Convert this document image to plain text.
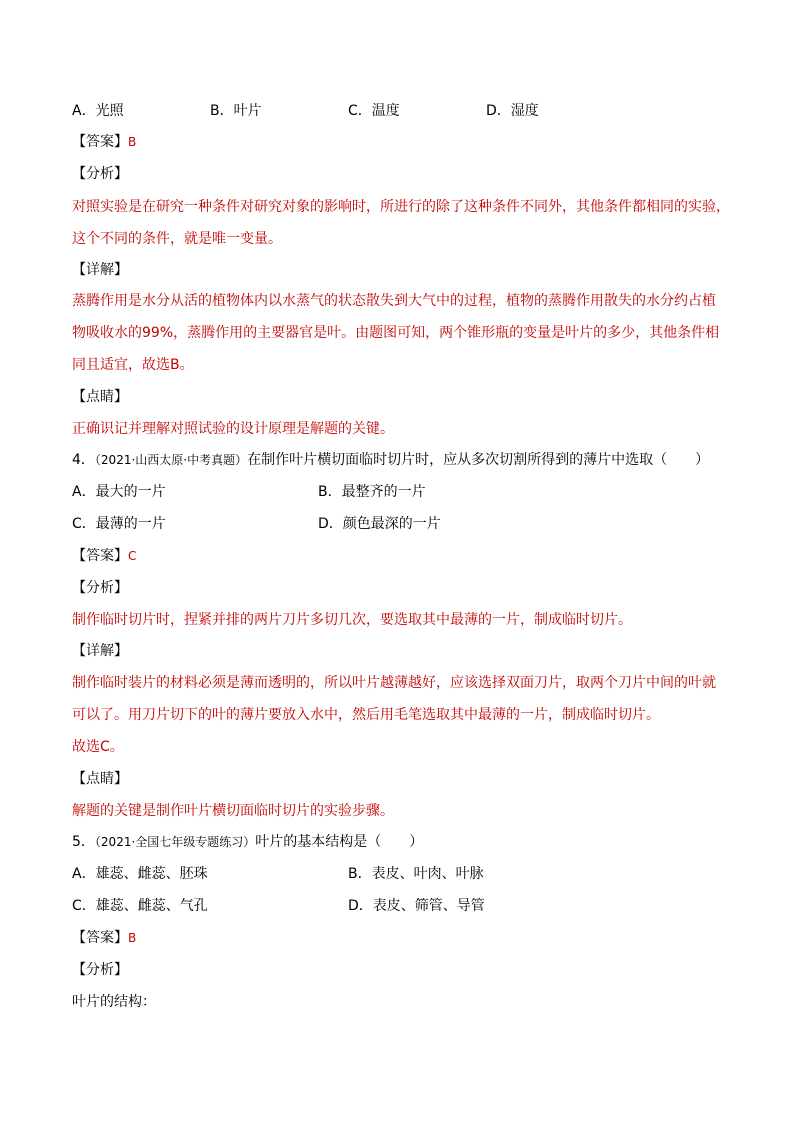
A．光照	B．叶片	C．温度	D．湿度
【答案】B
【分析】
对照实验是在研究一种条件对研究对象的影响时，所进行的除了这种条件不同外，其他条件都相同的实验，
这个不同的条件，就是唯一变量。
【详解】
蒸腾作用是水分从活的植物体内以水蒸气的状态散失到大气中的过程，植物的蒸腾作用散失的水分约占植
物吸收水的99%，蒸腾作用的主要器官是叶。由题图可知，两个锥形瓶的变量是叶片的多少，其他条件相
同且适宜，故选B。
【点睛】
正确识记并理解对照试验的设计原理是解题的关键。
4．（2021·山西太原·中考真题）在制作叶片横切面临时切片时，应从多次切割所得到的薄片中选取（　　）
A．最大的一片	B．最整齐的一片
C．最薄的一片	D．颜色最深的一片
【答案】C
【分析】
制作临时切片时，捏紧并排的两片刀片多切几次，要选取其中最薄的一片，制成临时切片。
【详解】
制作临时装片的材料必须是薄而透明的，所以叶片越薄越好，应该选择双面刀片，取两个刀片中间的叶就
可以了。用刀片切下的叶的薄片要放入水中，然后用毛笔选取其中最薄的一片，制成临时切片。
故选C。
【点睛】
解题的关键是制作叶片横切面临时切片的实验步骤。
5．（2021·全国七年级专题练习）叶片的基本结构是（　　）
A．雄蕊、雌蕊、胚珠	B．表皮、叶肉、叶脉
C．雄蕊、雌蕊、气孔	D．表皮、筛管、导管
【答案】B
【分析】
叶片的结构：
